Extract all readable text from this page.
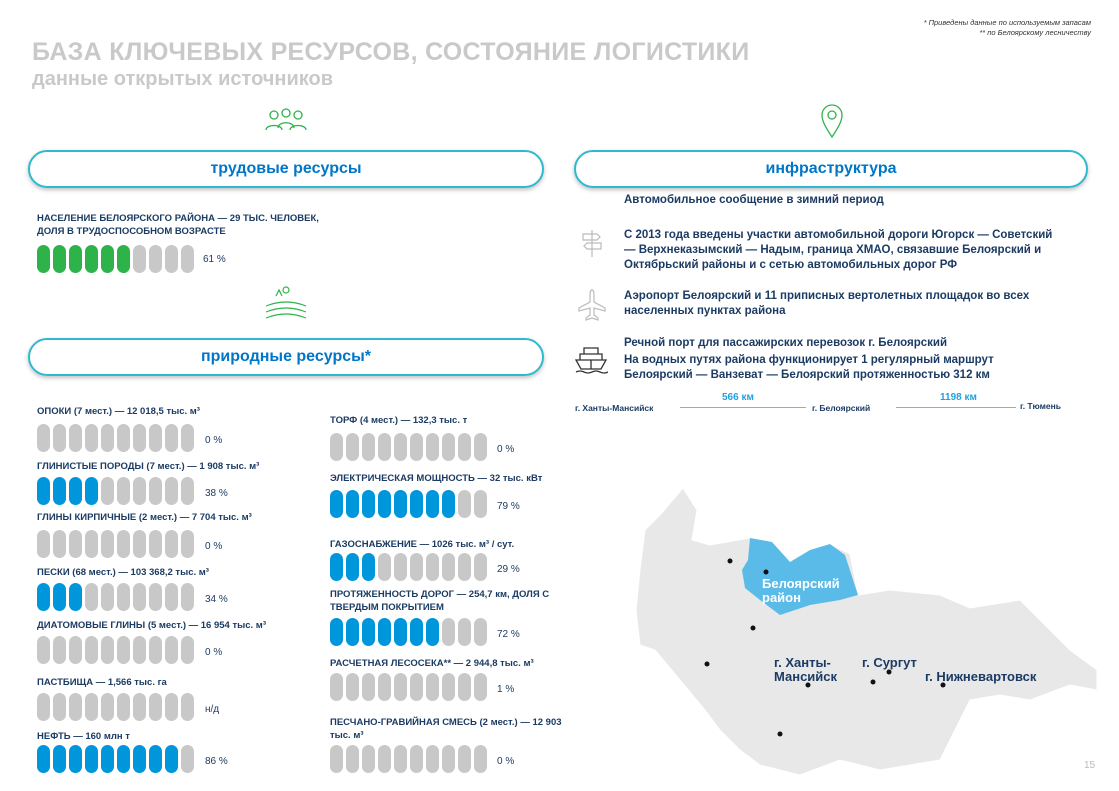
БАЗА КЛЮЧЕВЫХ РЕСУРСОВ, СОСТОЯНИЕ ЛОГИСТИКИ
данные открытых источников
* Приведены данные по используемым запасам
** по Белоярскому лесничеству
трудовые ресурсы
природные ресурсы*
инфраструктура
НАСЕЛЕНИЕ БЕЛОЯРСКОГО РАЙОНА — 29 ТЫС. ЧЕЛОВЕК,
ДОЛЯ В ТРУДОСПОСОБНОМ ВОЗРАСТЕ
61 %
ОПОКИ (7 мест.) — 12 018,5 тыс. м³
0 %
ГЛИНИСТЫЕ ПОРОДЫ (7 мест.) — 1 908 тыс. м³
38 %
ГЛИНЫ КИРПИЧНЫЕ (2 мест.) — 7 704 тыс. м³
0 %
ПЕСКИ (68 мест.) — 103 368,2 тыс. м³
34 %
ДИАТОМОВЫЕ ГЛИНЫ (5 мест.) — 16 954 тыс. м³
0 %
ПАСТБИЩА — 1,566 тыс. га
н/д
НЕФТЬ — 160 млн т
86 %
ТОРФ (4 мест.) — 132,3 тыс. т
0 %
ЭЛЕКТРИЧЕСКАЯ МОЩНОСТЬ — 32 тыс. кВт
79 %
ГАЗОСНАБЖЕНИЕ — 1026 тыс. м³ / сут.
29 %
ПРОТЯЖЕННОСТЬ ДОРОГ — 254,7 км, ДОЛЯ С ТВЕРДЫМ ПОКРЫТИЕМ
72 %
РАСЧЕТНАЯ ЛЕСОСЕКА** — 2 944,8 тыс. м³
1 %
ПЕСЧАНО-ГРАВИЙНАЯ СМЕСЬ (2 мест.) — 12 903 тыс. м³
0 %
Автомобильное сообщение в зимний период
С 2013 года введены участки автомобильной дороги Югорск — Советский — Верхнеказымский — Надым, граница ХМАО, связавшие Белоярский и Октябрьский районы и с сетью автомобильных дорог РФ
Аэропорт Белоярский и 11 приписных вертолетных площадок во всех населенных пунктах района
Речной порт для пассажирских перевозок г. Белоярский
На водных путях района функционирует 1 регулярный маршрут Белоярский — Ванзеват — Белоярский протяженностью 312 км
г. Ханты-Мансийск
566 км
г. Белоярский
1198 км
г. Тюмень
Белоярский район
г. Ханты-Мансийск
г. Сургут
г. Нижневартовск
15
